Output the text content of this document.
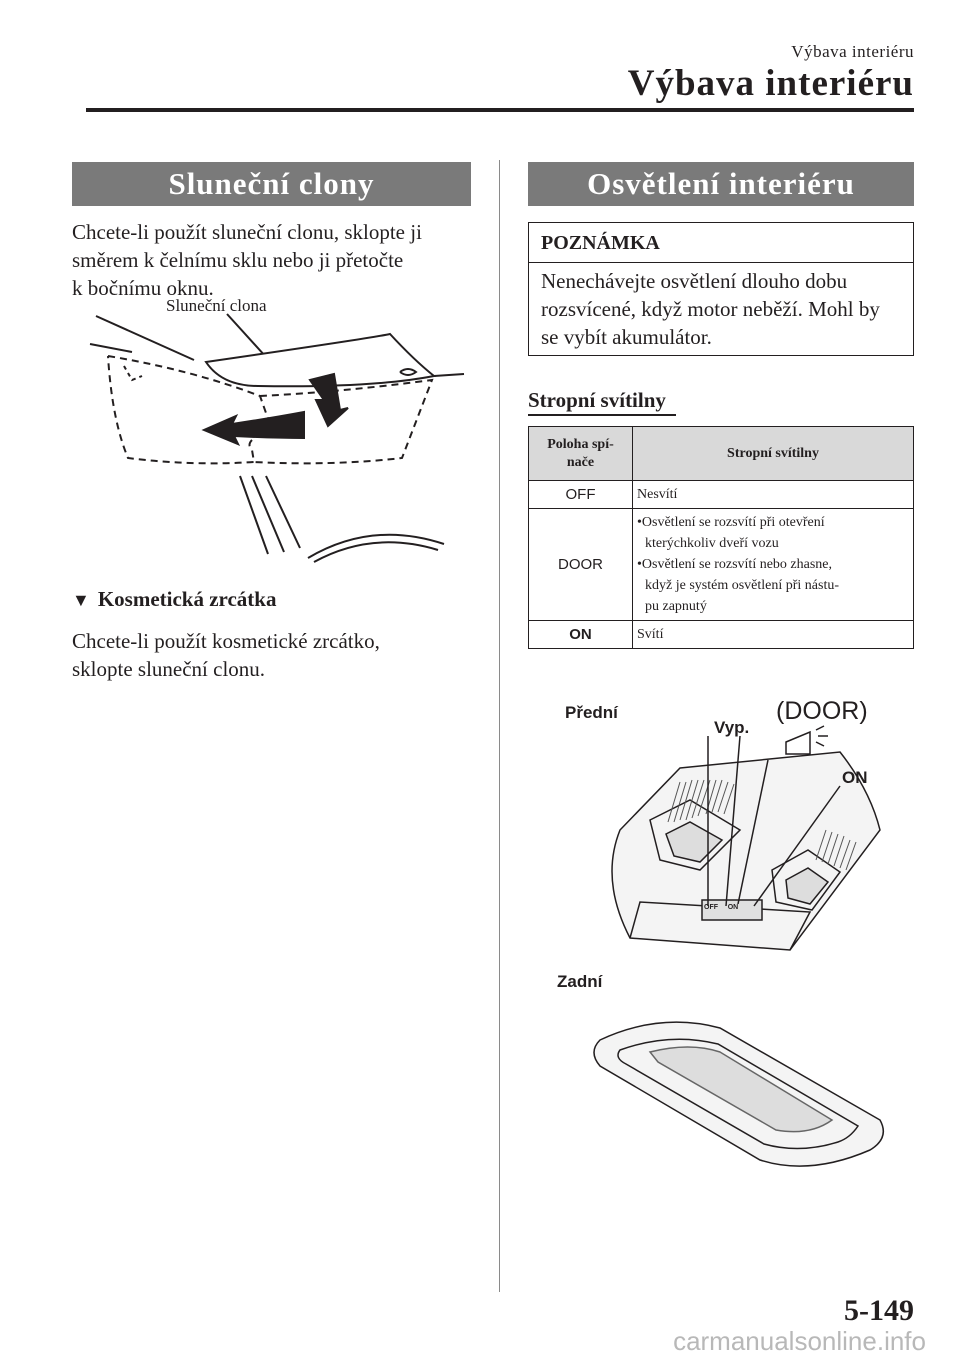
Výbava interiéru
Výbava interiéru
Sluneční clony
Chcete-li použít sluneční clonu, sklopte ji
směrem k čelnímu sklu nebo ji přetočte
k bočnímu oknu.
Sluneční clona
▼ Kosmetická zrcátka
Chcete-li použít kosmetické zrcátko,
sklopte sluneční clonu.
Osvětlení interiéru
POZNÁMKA
Nenechávejte osvětlení dlouho dobu
rozsvícené, když motor neběží. Mohl by
se vybít akumulátor.
Stropní svítilny
Poloha spí-
nače	Stropní svítilny
OFF	Nesvítí
DOOR	•Osvětlení se rozsvítí při otevření
kterýchkoliv dveří vozu
•Osvětlení se rozsvítí nebo zhasne,
když je systém osvětlení při nástu-
pu zapnutý

ON	Svítí
Přední
Vyp.
(DOOR)
ON
Zadní
OFF ON
5-149
carmanualsonline.info
